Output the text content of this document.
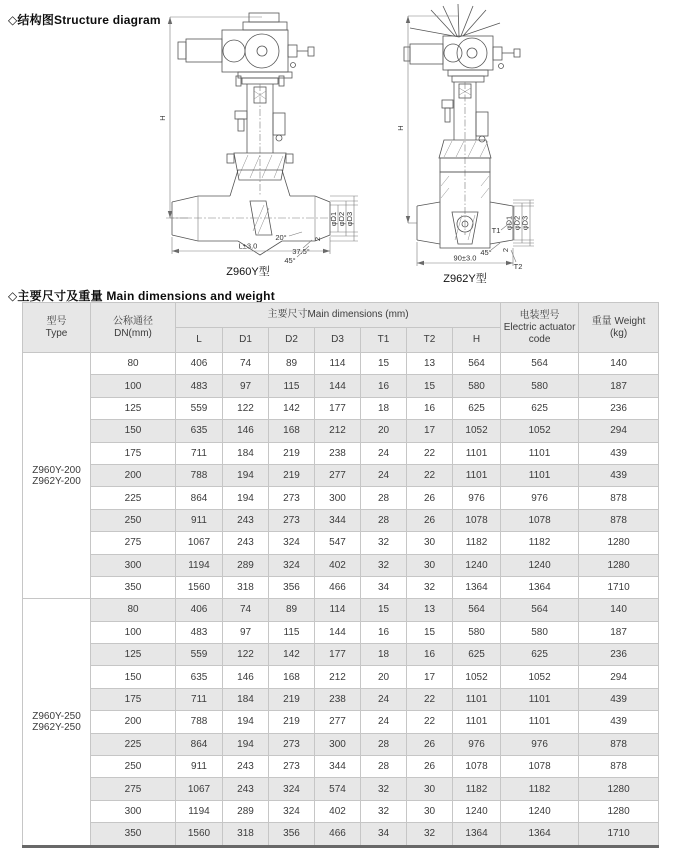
◇结构图Structure diagram
H
φD1 φD2 φD3
20°
37.5°
45°
2
L±3.0
Z960Y型
H
φD1 φD2 φD3
T1
T2
45° 2
90±3.0
Z962Y型
◇主要尺寸及重量 Main dimensions and weight
型号
Type

公称通径
DN(mm)
	主要尺寸Main dimensions (mm)	电装型号
Electric actuator
code

重量 Weight
(kg)

		L	D1	D2	D3	T1	T2	H		

Z960Y-200
Z962Y-200	80	406	74	89	114	15	13	564	564	140
	100	483	97	115	144	16	15	580	580	187
	125	559	122	142	177	18	16	625	625	236
	150	635	146	168	212	20	17	1052	1052	294
	175	711	184	219	238	24	22	1101	1101	439
	200	788	194	219	277	24	22	1101	1101	439
	225	864	194	273	300	28	26	976	976	878
	250	911	243	273	344	28	26	1078	1078	878
	275	1067	243	324	547	32	30	1182	1182	1280
	300	1194	289	324	402	32	30	1240	1240	1280
	350	1560	318	356	466	34	32	1364	1364	1710

Z960Y-250
Z962Y-250	80	406	74	89	114	15	13	564	564	140
	100	483	97	115	144	16	15	580	580	187
	125	559	122	142	177	18	16	625	625	236
	150	635	146	168	212	20	17	1052	1052	294
	175	711	184	219	238	24	22	1101	1101	439
	200	788	194	219	277	24	22	1101	1101	439
	225	864	194	273	300	28	26	976	976	878
	250	911	243	273	344	28	26	1078	1078	878
	275	1067	243	324	574	32	30	1182	1182	1280
	300	1194	289	324	402	32	30	1240	1240	1280
	350	1560	318	356	466	34	32	1364	1364	1710
